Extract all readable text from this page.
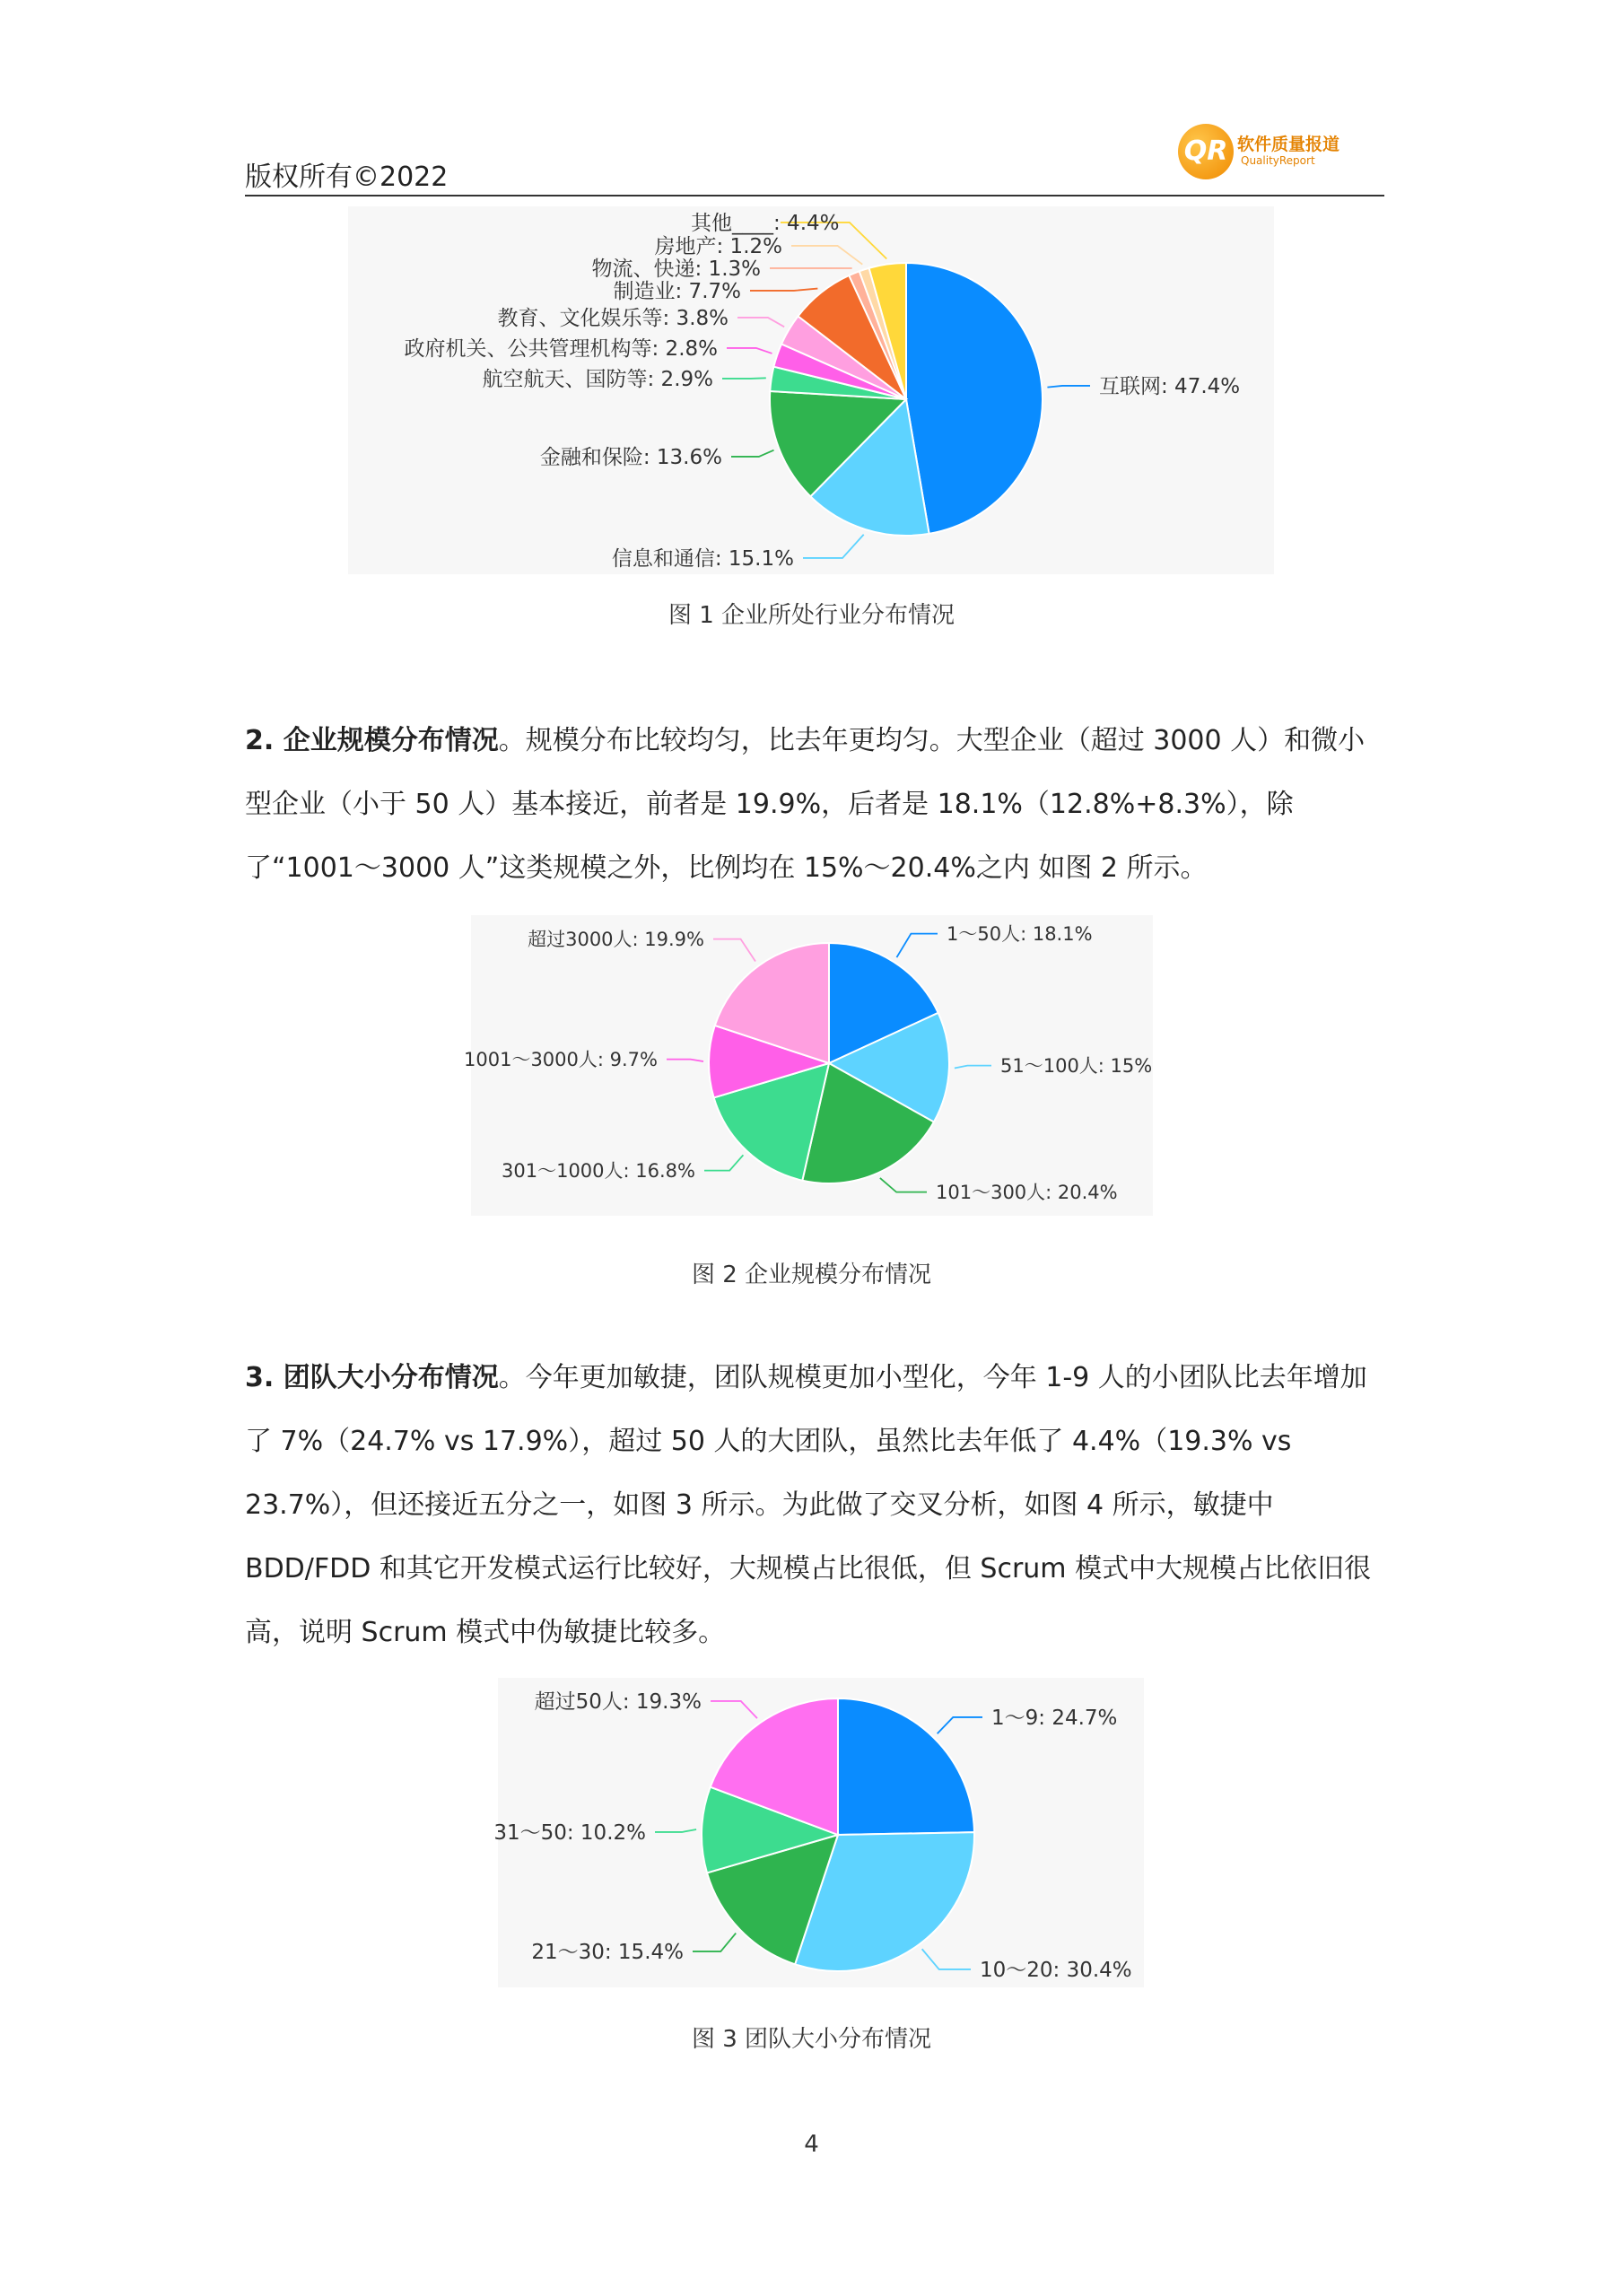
版权所有©2022
QR 软件质量报道
QualityReport
互联网: 47.4%
信息和通信: 15.1%
金融和保险: 13.6%
航空航天、国防等: 2.9%
政府机关、公共管理机构等: 2.8%
教育、文化娱乐等: 3.8%
制造业: 7.7%
物流、快递: 1.3%
房地产: 1.2%
其他____: 4.4%
图 1 企业所处行业分布情况
2. 企业规模分布情况。规模分布比较均匀，比去年更均匀。大型企业（超过 3000 人）和微小型企业（小于 50 人）基本接近，前者是 19.9%，后者是 18.1%（12.8%+8.3%），除了“1001～3000 人”这类规模之外，比例均在 15%～20.4%之内 如图 2 所示。
1～50人: 18.1%
51～100人: 15%
101～300人: 20.4%
301～1000人: 16.8%
1001～3000人: 9.7%
超过3000人: 19.9%
图 2 企业规模分布情况
3. 团队大小分布情况。今年更加敏捷，团队规模更加小型化，今年 1-9 人的小团队比去年增加了 7%（24.7% vs 17.9%），超过 50 人的大团队，虽然比去年低了 4.4%（19.3% vs 23.7%），但还接近五分之一，如图 3 所示。为此做了交叉分析，如图 4 所示，敏捷中 BDD/FDD 和其它开发模式运行比较好，大规模占比很低，但 Scrum 模式中大规模占比依旧很高，说明 Scrum 模式中伪敏捷比较多。
1～9: 24.7%
10～20: 30.4%
21～30: 15.4%
31～50: 10.2%
超过50人: 19.3%
图 3 团队大小分布情况
4
